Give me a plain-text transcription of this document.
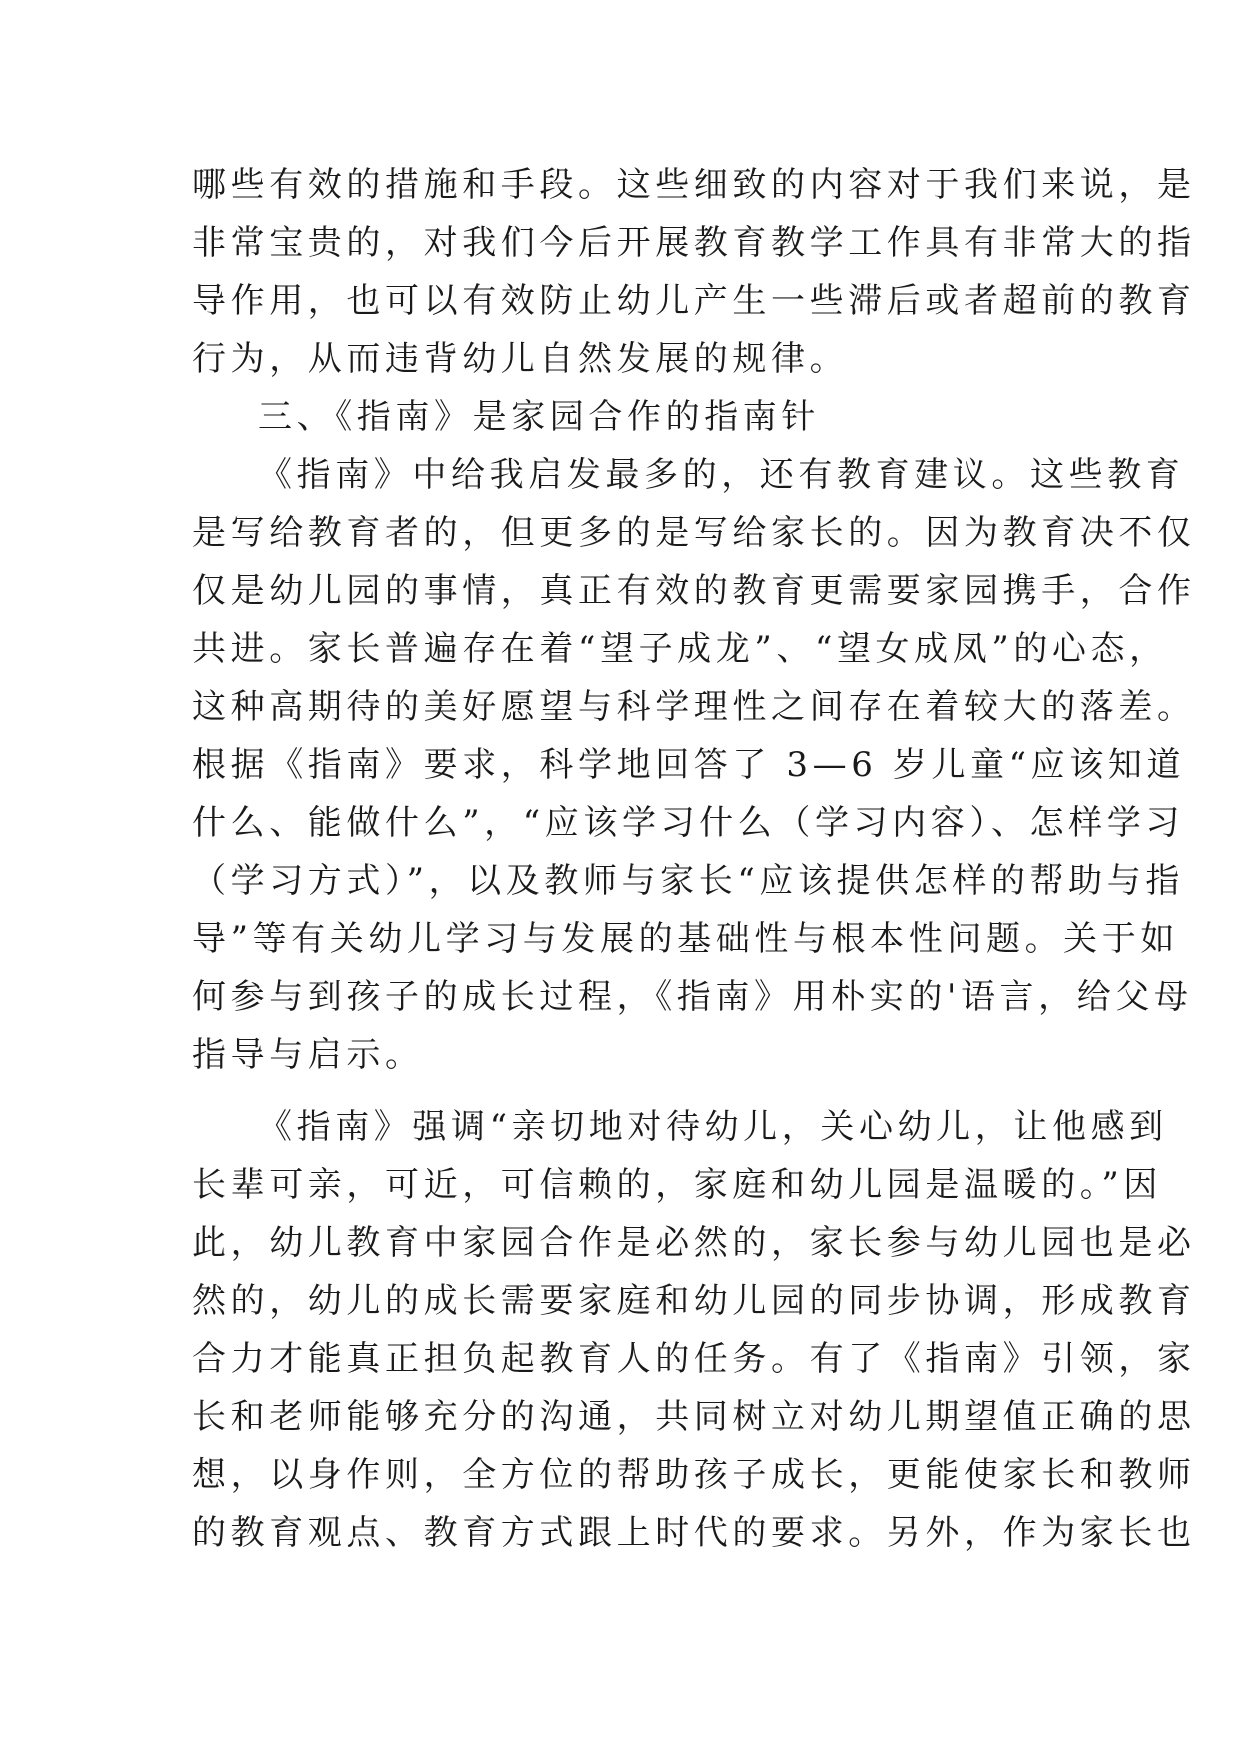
哪些有效的措施和手段。这些细致的内容对于我们来说，是
非常宝贵的，对我们今后开展教育教学工作具有非常大的指
导作用，也可以有效防止幼儿产生一些滞后或者超前的教育
行为，从而违背幼儿自然发展的规律。
三、《指南》是家园合作的指南针
《指南》中给我启发最多的，还有教育建议。这些教育
是写给教育者的，但更多的是写给家长的。因为教育决不仅
仅是幼儿园的事情，真正有效的教育更需要家园携手，合作
共进。家长普遍存在着“望子成龙”、“望女成凤”的心态，
这种高期待的美好愿望与科学理性之间存在着较大的落差。
根据《指南》要求，科学地回答了 3—6 岁儿童“应该知道
什么、能做什么”，“应该学习什么（学习内容）、怎样学习
（学习方式）”，以及教师与家长“应该提供怎样的帮助与指
导”等有关幼儿学习与发展的基础性与根本性问题。关于如
何参与到孩子的成长过程，《指南》用朴实的'语言，给父母
指导与启示。
《指南》强调“亲切地对待幼儿，关心幼儿，让他感到
长辈可亲，可近，可信赖的，家庭和幼儿园是温暖的。”因
此，幼儿教育中家园合作是必然的，家长参与幼儿园也是必
然的，幼儿的成长需要家庭和幼儿园的同步协调，形成教育
合力才能真正担负起教育人的任务。有了《指南》引领，家
长和老师能够充分的沟通，共同树立对幼儿期望值正确的思
想，以身作则，全方位的帮助孩子成长，更能使家长和教师
的教育观点、教育方式跟上时代的要求。另外，作为家长也
